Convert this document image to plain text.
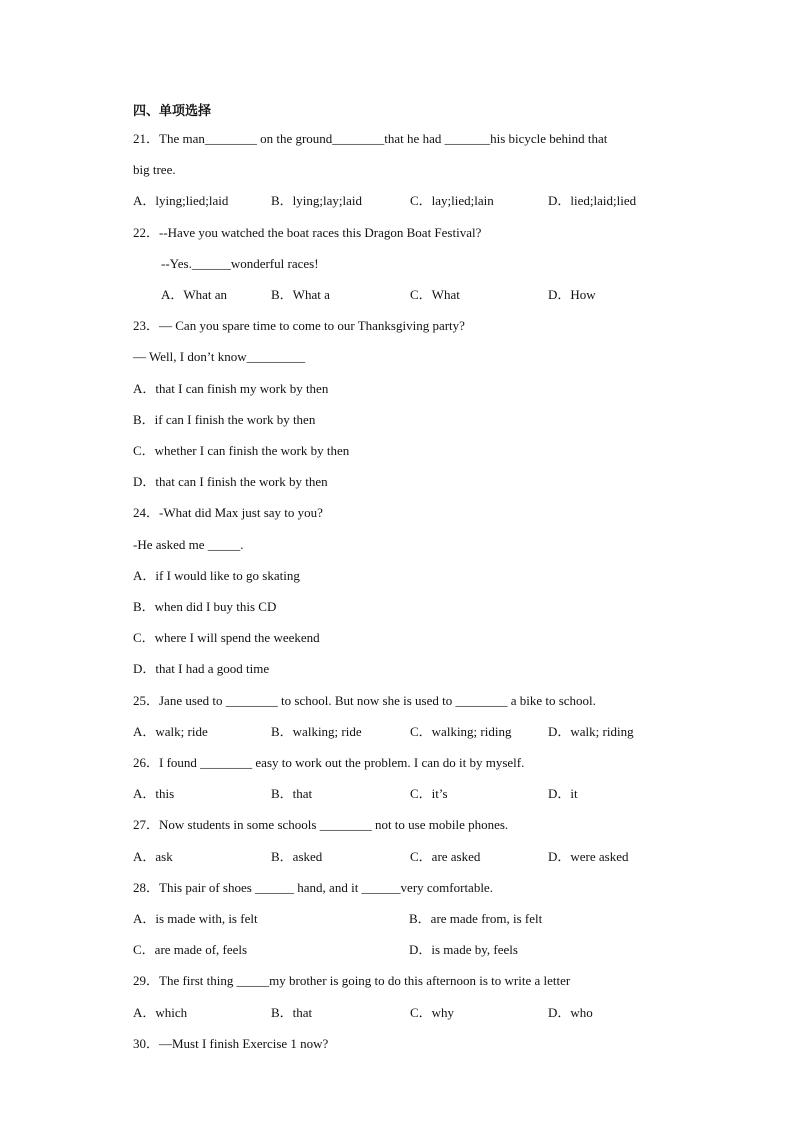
四、单项选择
21．The man________ on the ground________that he had _______his bicycle behind that
big tree.
A．lying;lied;laid	B．lying;lay;laid	C．lay;lied;lain	D．lied;laid;lied
22．--Have you watched the boat races this Dragon Boat Festival?
--Yes.______wonderful races!
A．What an	B．What a	C．What	D．How
23．— Can you spare time to come to our Thanksgiving party?
— Well, I don’t know_________
A．that I can finish my work by then
B．if can I finish the work by then
C．whether I can finish the work by then
D．that can I finish the work by then
24．-What did Max just say to you?
-He asked me _____.
A．if I would like to go skating
B．when did I buy this CD
C．where I will spend the weekend
D．that I had a good time
25．Jane used to ________ to school. But now she is used to ________ a bike to school.
A．walk; ride	B．walking; ride	C．walking; riding	D．walk; riding
26．I found ________ easy to work out the problem. I can do it by myself.
A．this	B．that	C．it’s	D．it
27．Now students in some schools ________ not to use mobile phones.
A．ask	B．asked	C．are asked	D．were asked
28．This pair of shoes ______ hand, and it ______very comfortable.
A．is made with, is felt	B．are made from, is felt
C．are made of, feels	D．is made by, feels
29．The first thing _____my brother is going to do this afternoon is to write a letter
A．which	B．that	C．why	D．who
30．—Must I finish Exercise 1 now?
